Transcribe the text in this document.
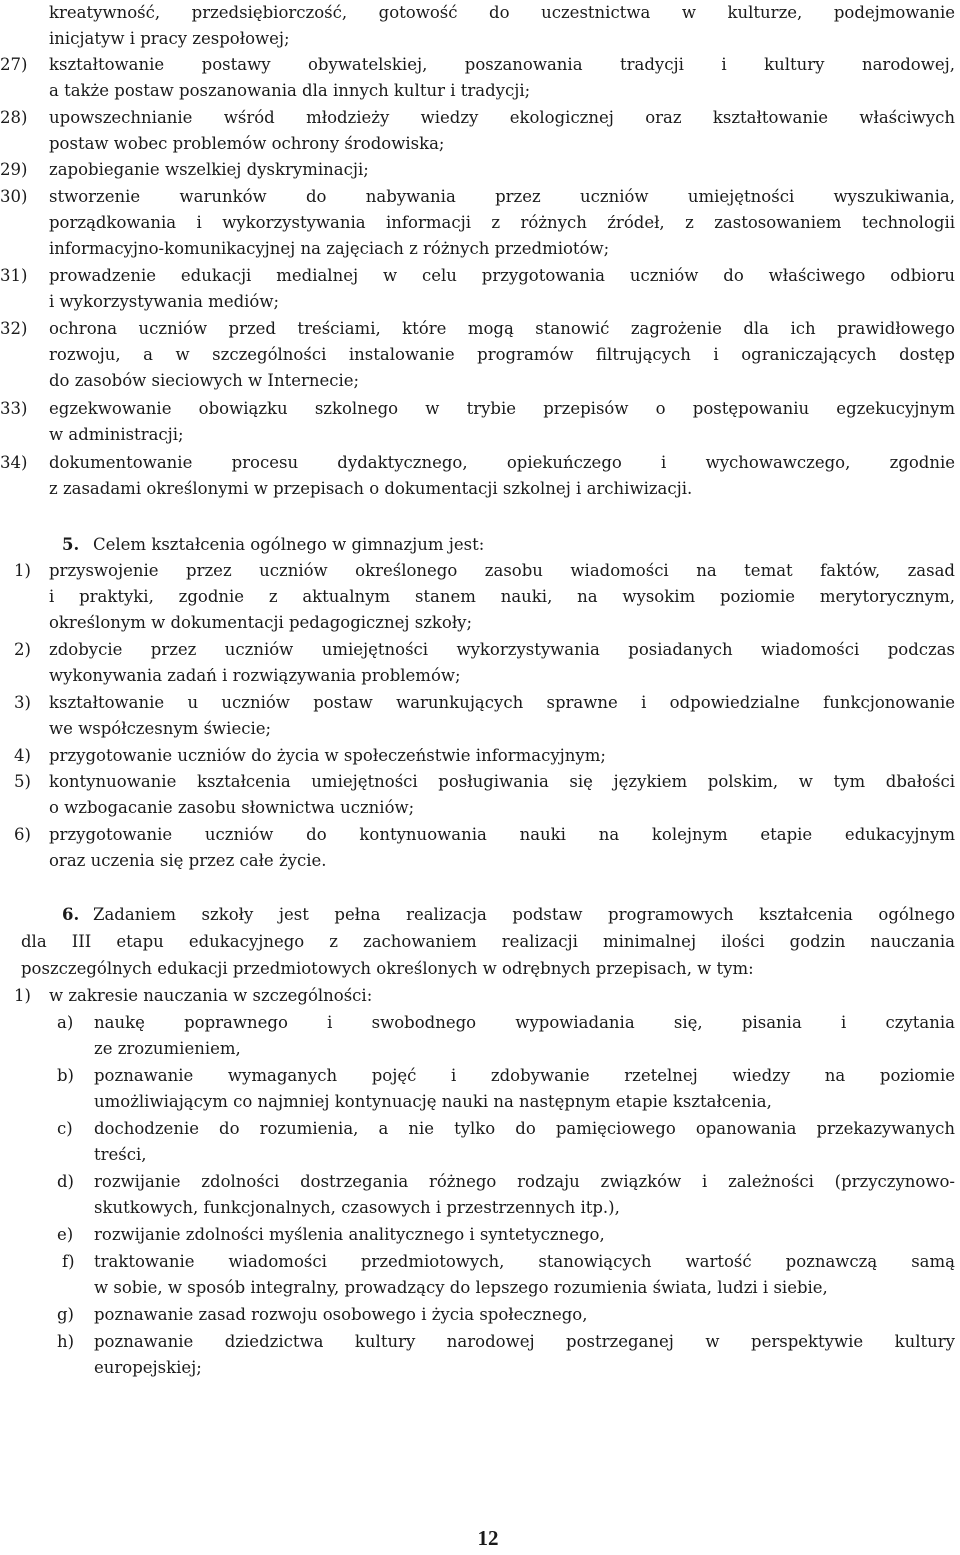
kreatywność, przedsiębiorczość, gotowość do uczestnictwa w kulturze, podejmowanie
inicjatyw i pracy zespołowej;
27) kształtowanie postawy obywatelskiej, poszanowania tradycji i kultury narodowej,
a także postaw poszanowania dla innych kultur i tradycji;
28) upowszechnianie wśród młodzieży wiedzy ekologicznej oraz kształtowanie właściwych
postaw wobec problemów ochrony środowiska;
29) zapobieganie wszelkiej dyskryminacji;
30) stworzenie warunków do nabywania przez uczniów umiejętności wyszukiwania,
porządkowania i wykorzystywania informacji z różnych źródeł, z zastosowaniem technologii
informacyjno-komunikacyjnej na zajęciach z różnych przedmiotów;
31) prowadzenie edukacji medialnej w celu przygotowania uczniów do właściwego odbioru
i wykorzystywania mediów;
32) ochrona uczniów przed treściami, które mogą stanowić zagrożenie dla ich prawidłowego
rozwoju, a w szczególności instalowanie programów filtrujących i ograniczających dostęp
do zasobów sieciowych w Internecie;
33) egzekwowanie obowiązku szkolnego w trybie przepisów o postępowaniu egzekucyjnym
w administracji;
34) dokumentowanie procesu dydaktycznego, opiekuńczego i wychowawczego, zgodnie
z zasadami określonymi w przepisach o dokumentacji szkolnej i archiwizacji.
5. Celem kształcenia ogólnego w gimnazjum jest:
1) przyswojenie przez uczniów określonego zasobu wiadomości na temat faktów, zasad
i praktyki, zgodnie z aktualnym stanem nauki, na wysokim poziomie merytorycznym,
określonym w dokumentacji pedagogicznej szkoły;
2) zdobycie przez uczniów umiejętności wykorzystywania posiadanych wiadomości podczas
wykonywania zadań i rozwiązywania problemów;
3) kształtowanie u uczniów postaw warunkujących sprawne i odpowiedzialne funkcjonowanie
we współczesnym świecie;
4) przygotowanie uczniów do życia w społeczeństwie informacyjnym;
5) kontynuowanie kształcenia umiejętności posługiwania się językiem polskim, w tym dbałości
o wzbogacanie zasobu słownictwa uczniów;
6) przygotowanie uczniów do kontynuowania nauki na kolejnym etapie edukacyjnym
oraz uczenia się przez całe życie.
6. Zadaniem szkoły jest pełna realizacja podstaw programowych kształcenia ogólnego
dla III etapu edukacyjnego z zachowaniem realizacji minimalnej ilości godzin nauczania
poszczególnych edukacji przedmiotowych określonych w odrębnych przepisach, w tym:
1) w zakresie nauczania w szczególności:
a) naukę poprawnego i swobodnego wypowiadania się, pisania i czytania
ze zrozumieniem,
b) poznawanie wymaganych pojęć i zdobywanie rzetelnej wiedzy na poziomie
umożliwiającym co najmniej kontynuację nauki na następnym etapie kształcenia,
c) dochodzenie do rozumienia, a nie tylko do pamięciowego opanowania przekazywanych
treści,
d) rozwijanie zdolności dostrzegania różnego rodzaju związków i zależności (przyczynowo-
skutkowych, funkcjonalnych, czasowych i przestrzennych itp.),
e) rozwijanie zdolności myślenia analitycznego i syntetycznego,
f) traktowanie wiadomości przedmiotowych, stanowiących wartość poznawczą samą
w sobie, w sposób integralny, prowadzący do lepszego rozumienia świata, ludzi i siebie,
g) poznawanie zasad rozwoju osobowego i życia społecznego,
h) poznawanie dziedzictwa kultury narodowej postrzeganej w perspektywie kultury
europejskiej;
12
